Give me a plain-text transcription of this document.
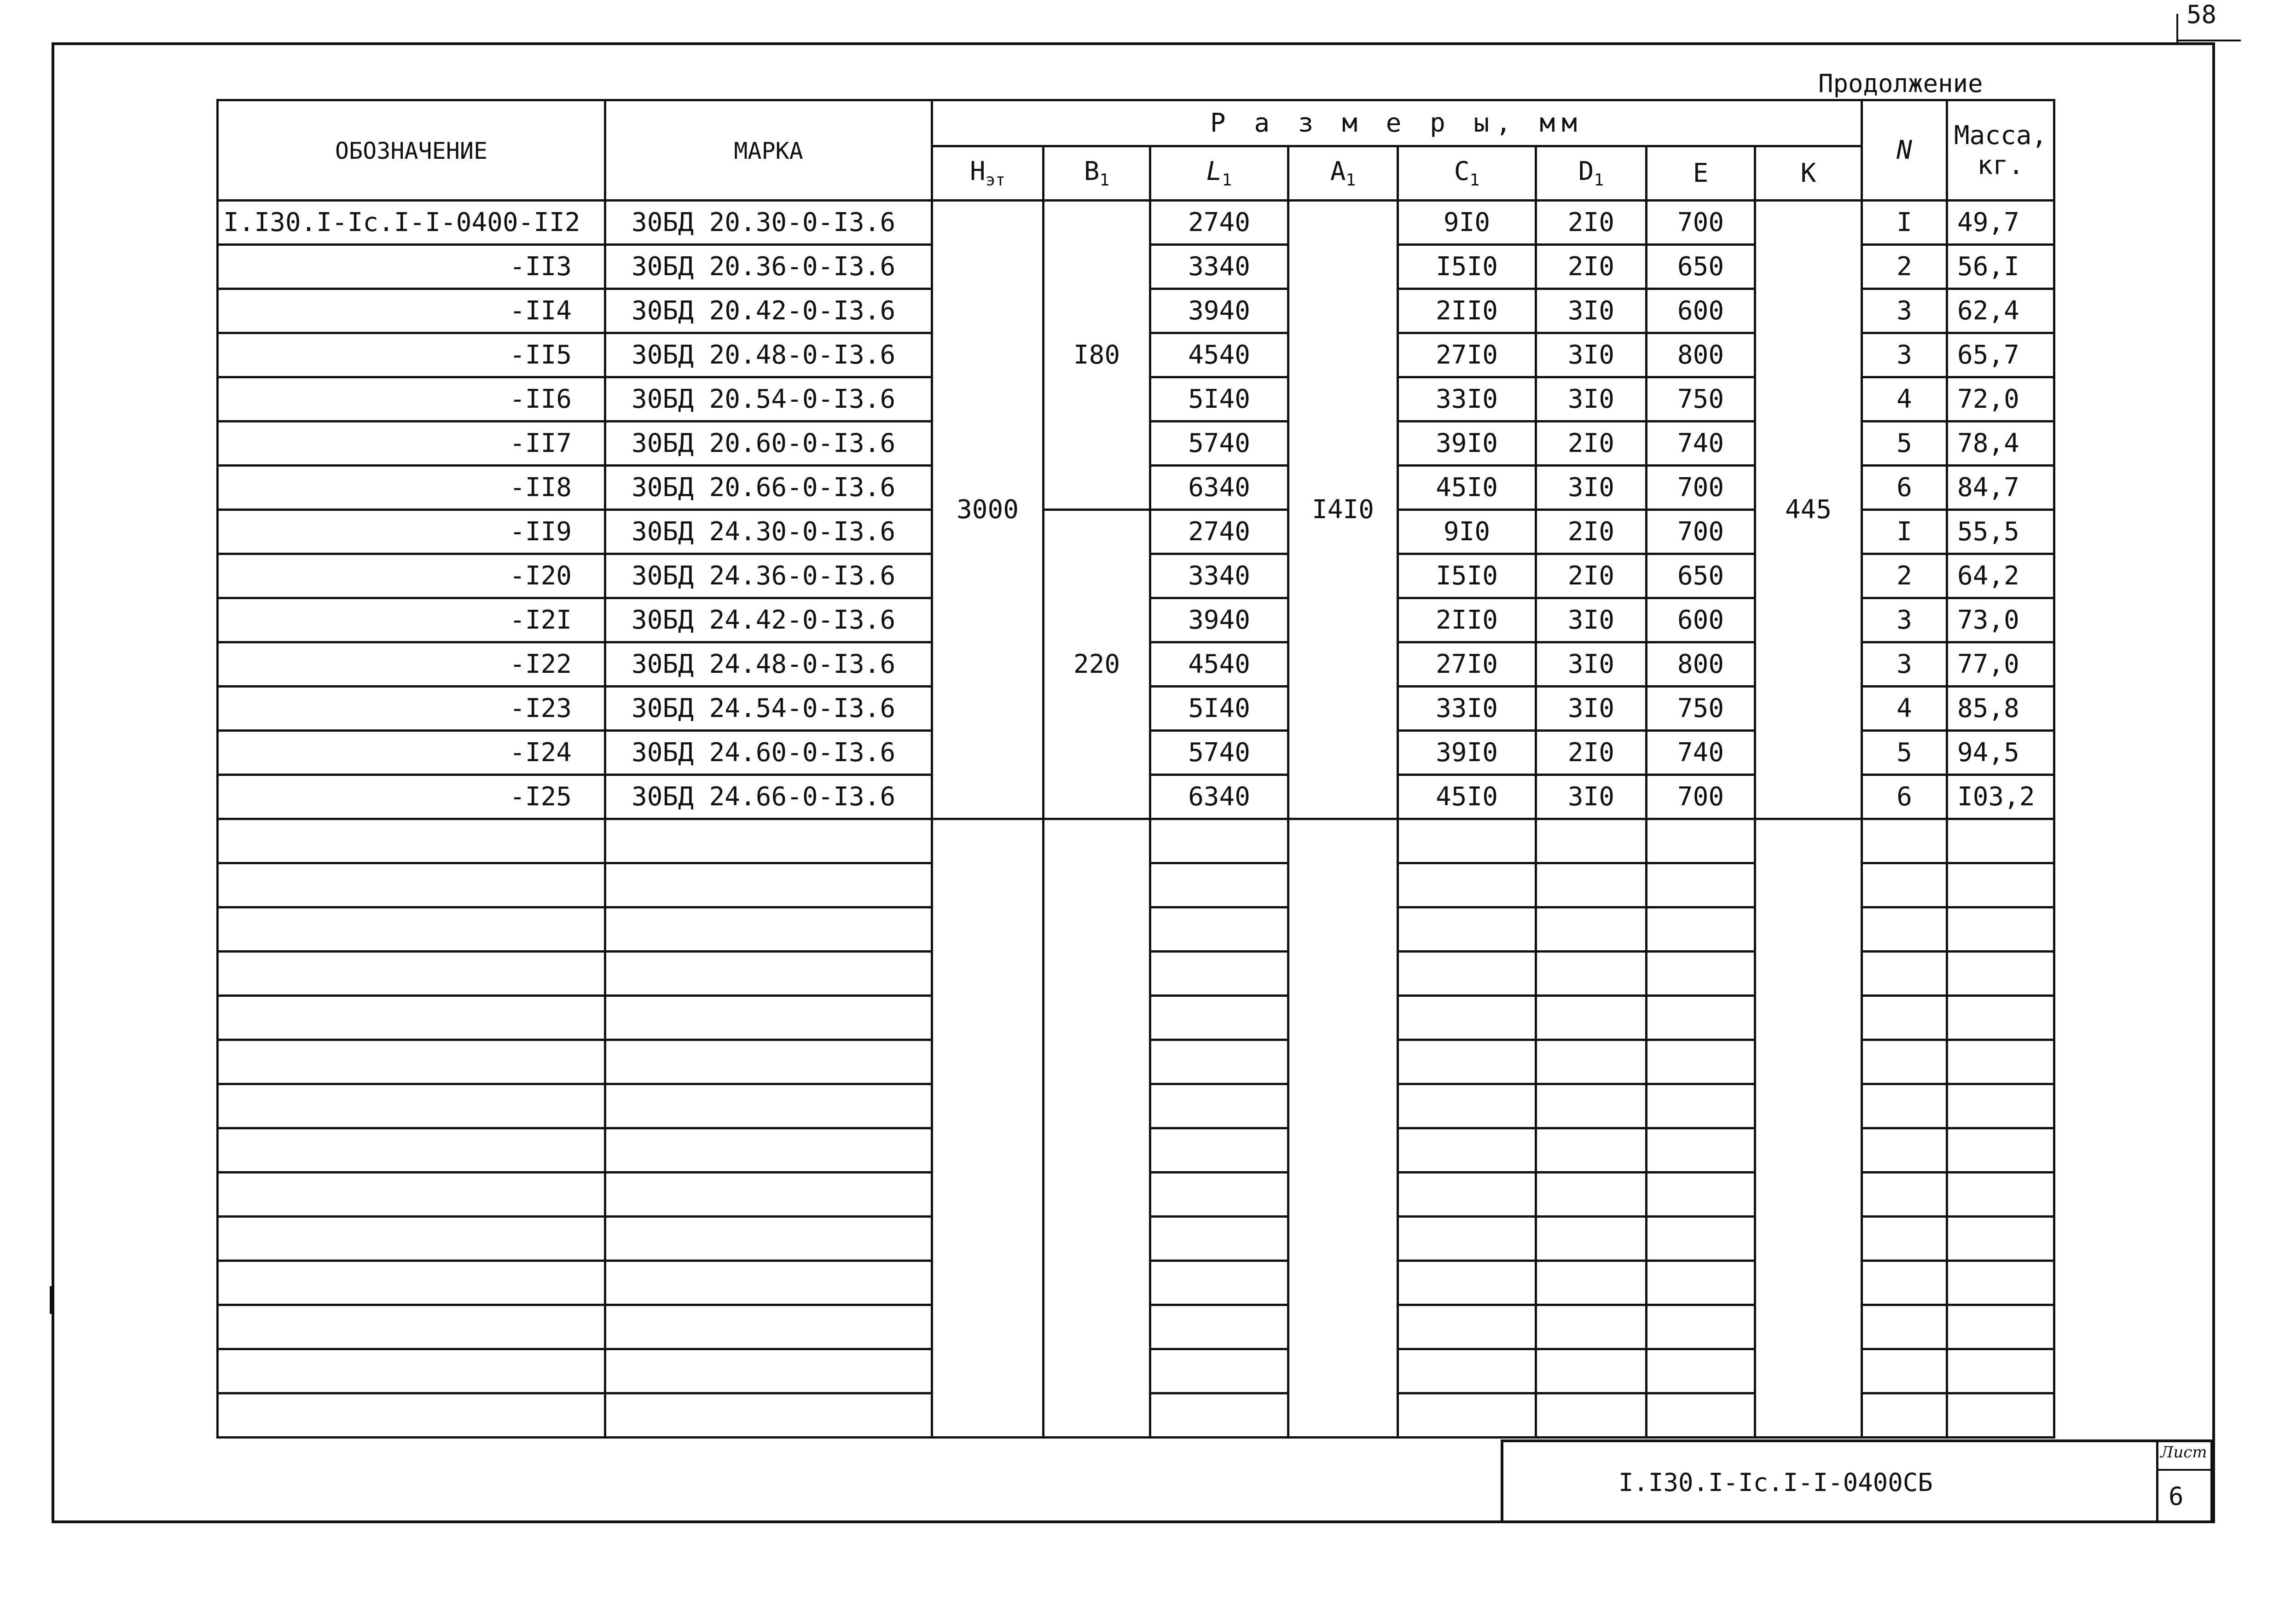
58
Продолжение
ОБОЗНАЧЕНИЕ	МАРКА	Р а з м е р ы, мм								N	Масса,
кг.

		$H_{эт}$	$B_1$	$L_1$	$A_1$	$C_1$	$D_1$	E	K		
I.I30.I-Ic.I-I-0400-II2	30БД 20.30-0-I3.6	3000	I80	2740	I4I0	9I0	2I0	700	445	I	49,7
-II3	30БД 20.36-0-I3.6			3340		I5I0	2I0	650		2	56,I
-II4	30БД 20.42-0-I3.6			3940		2II0	3I0	600		3	62,4
-II5	30БД 20.48-0-I3.6			4540		27I0	3I0	800		3	65,7
-II6	30БД 20.54-0-I3.6			5I40		33I0	3I0	750		4	72,0
-II7	30БД 20.60-0-I3.6			5740		39I0	2I0	740		5	78,4
-II8	30БД 20.66-0-I3.6			6340		45I0	3I0	700		6	84,7
-II9	30БД 24.30-0-I3.6		220	2740		9I0	2I0	700		I	55,5
-I20	30БД 24.36-0-I3.6			3340		I5I0	2I0	650		2	64,2
-I2I	30БД 24.42-0-I3.6			3940		2II0	3I0	600		3	73,0
-I22	30БД 24.48-0-I3.6			4540		27I0	3I0	800		3	77,0
-I23	30БД 24.54-0-I3.6			5I40		33I0	3I0	750		4	85,8
-I24	30БД 24.60-0-I3.6			5740		39I0	2I0	740		5	94,5
-I25	30БД 24.66-0-I3.6			6340		45I0	3I0	700		6	I03,2

I.I30.I-Ic.I-I-0400СБ
Лист
6
